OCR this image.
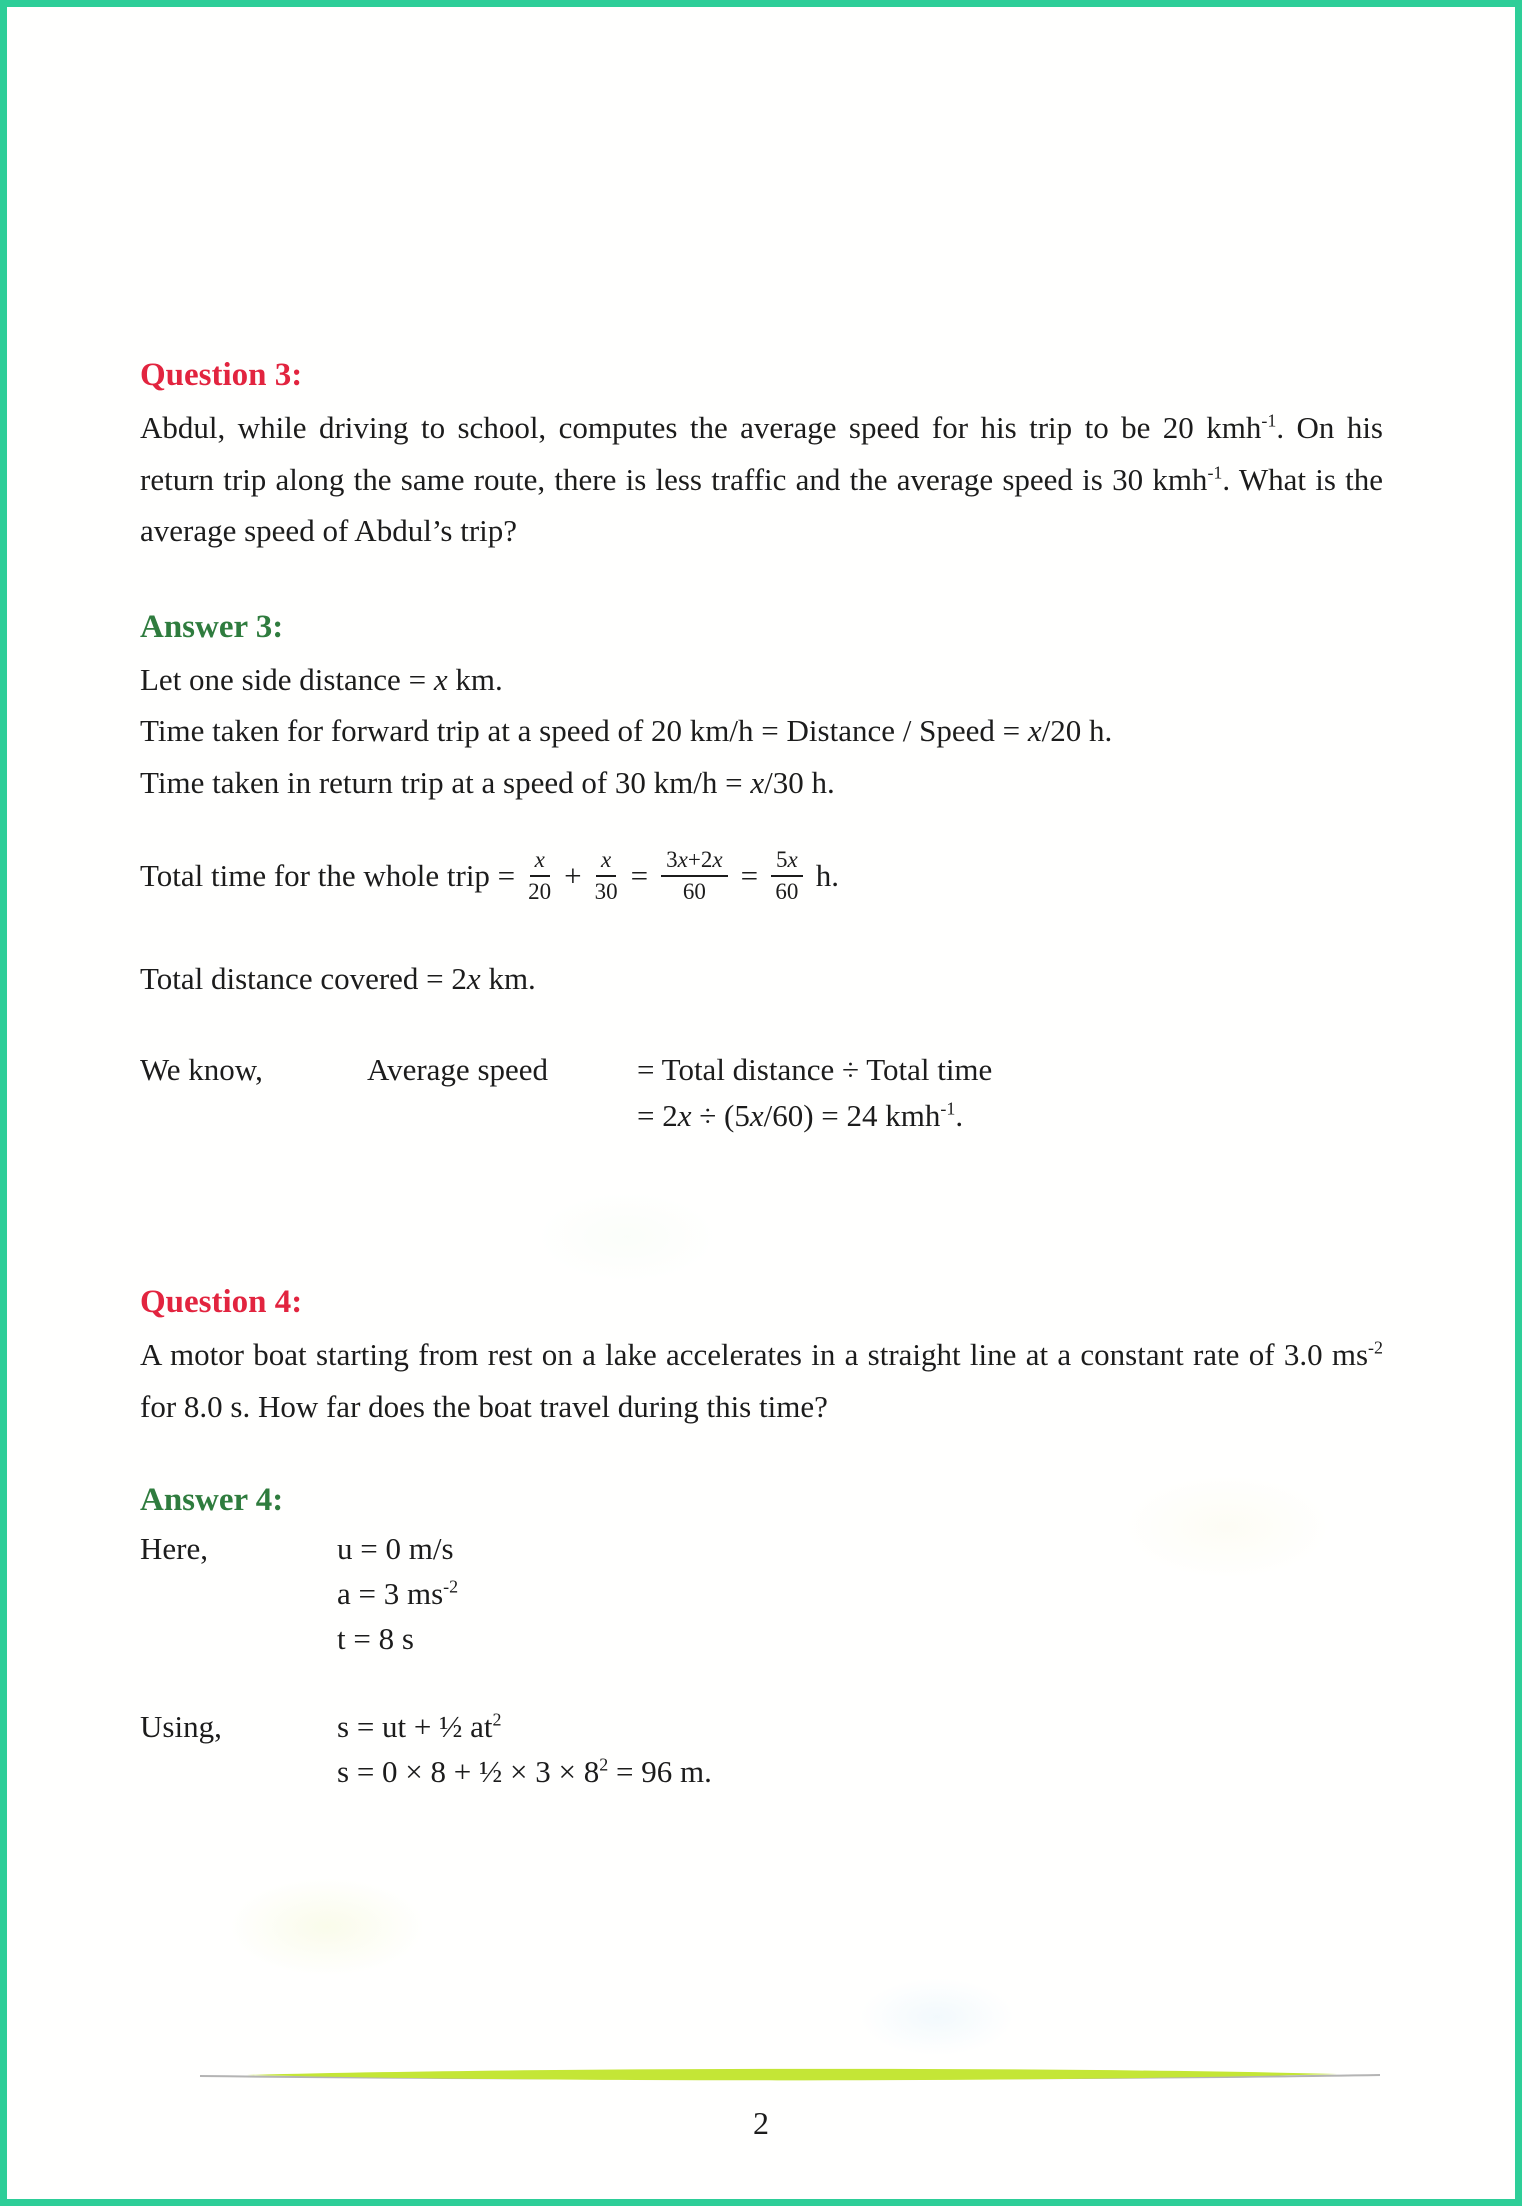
Question 3:

Abdul, while driving to school, computes the average speed for his trip to be 20 kmh$^{-1}$. On his return trip along the same route, there is less traffic and the average speed is 30 kmh$^{-1}$. What is the average speed of Abdul’s trip?

Answer 3:
Let one side distance = x km.
Time taken for forward trip at a speed of 20 km/h = Distance / Speed = x/20 h.
Time taken in return trip at a speed of 30 km/h = x/30 h.
Total time for the whole trip = $\frac{x}{20} + \frac{x}{30} = \frac{3x+2x}{60} = \frac{5x}{60} h$.
Total distance covered = 2x km.
We know,	Average speed	= Total distance ÷ Total time
= 2x ÷ (5x/60) = 24 kmh$^{-1}$.
Question 4:

A motor boat starting from rest on a lake accelerates in a straight line at a constant rate of 3.0 $ms^{-2}$ for 8.0 s. How far does the boat travel during this time?

Answer 4:
Here,	u = 0 m/s
a = 3 $ms^{-2}$
t = 8 s
Using,	s = ut + ½ $at^2$
s = 0 × 8 + ½ × $3 \times 8^2 = 96$ m.
2
